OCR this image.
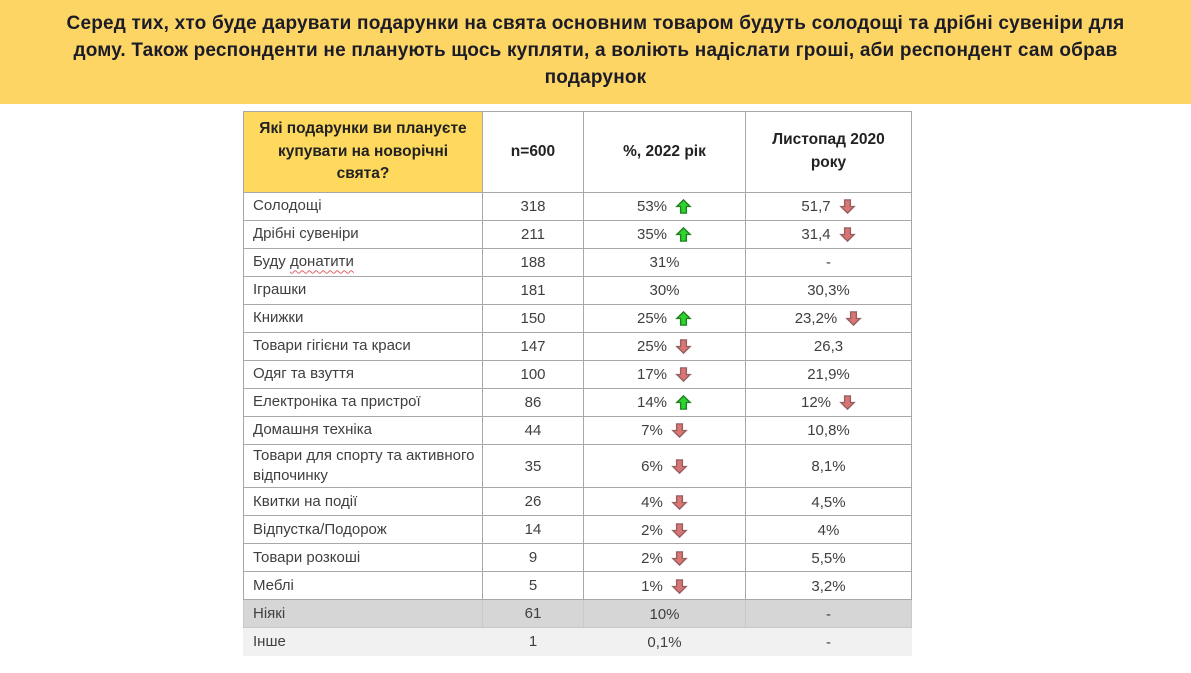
Серед тих, хто буде дарувати подарунки на свята основним товаром будуть солодощі та дрібні сувеніри для дому. Також респонденти не планують щось купляти, а воліють надіслати гроші, аби респондент сам обрав подарунок
Які подарунки ви плануєте купувати на новорічні свята?	n=600	%, 2022 рік	Листопад 2020 року
Солодощі	318	53%	51,7

Дрібні сувеніри	211	35%	31,4

Буду донатити	188	31%	-

Іграшки	181	30%	30,3%

Книжки	150	25%	23,2%

Товари гігієни та краси	147	25%	26,3

Одяг та взуття	100	17%	21,9%

Електроніка та пристрої	86	14%	12%

Домашня техніка	44	7%	10,8%

Товари для спорту та активного відпочинку	35	6%	8,1%

Квитки на події	26	4%	4,5%

Відпустка/Подорож	14	2%	4%

Товари розкоші	9	2%	5,5%

Меблі	5	1%	3,2%

Ніякі	61	10%	-

Інше	1	0,1%	-
